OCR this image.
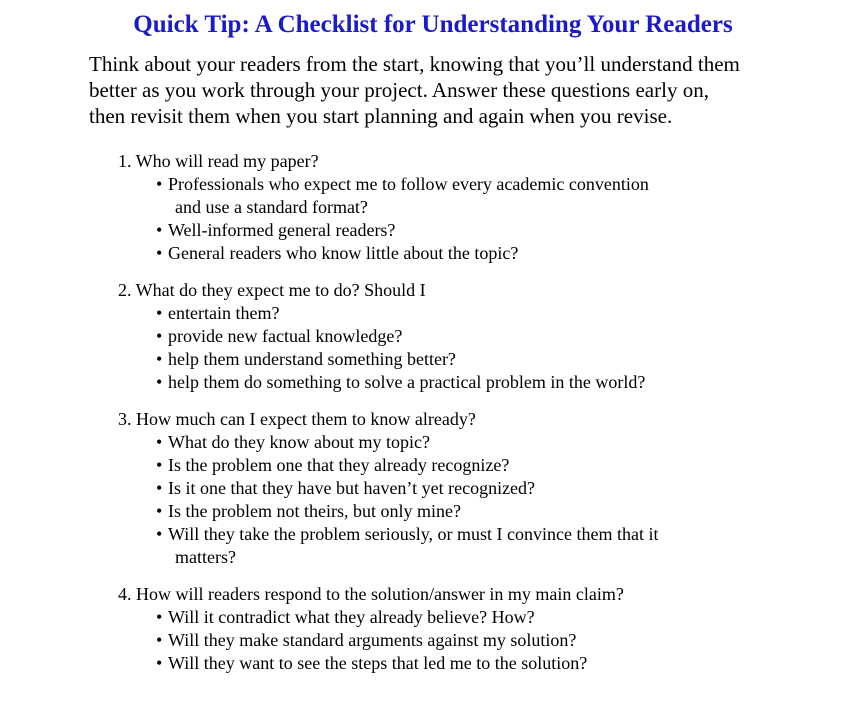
Quick Tip: A Checklist for Understanding Your Readers

Think about your readers from the start, knowing that you’ll understand them
better as you work through your project. Answer these questions early on,
then revisit them when you start planning and again when you revise.

1. Who will read my paper?
• Professionals who expect me to follow every academic convention
and use a standard format?
• Well-informed general readers?
• General readers who know little about the topic?
2. What do they expect me to do? Should I
• entertain them?
• provide new factual knowledge?
• help them understand something better?
• help them do something to solve a practical problem in the world?
3. How much can I expect them to know already?
• What do they know about my topic?
• Is the problem one that they already recognize?
• Is it one that they have but haven’t yet recognized?
• Is the problem not theirs, but only mine?
• Will they take the problem seriously, or must I convince them that it
matters?
4. How will readers respond to the solution/answer in my main claim?
• Will it contradict what they already believe? How?
• Will they make standard arguments against my solution?
• Will they want to see the steps that led me to the solution?
